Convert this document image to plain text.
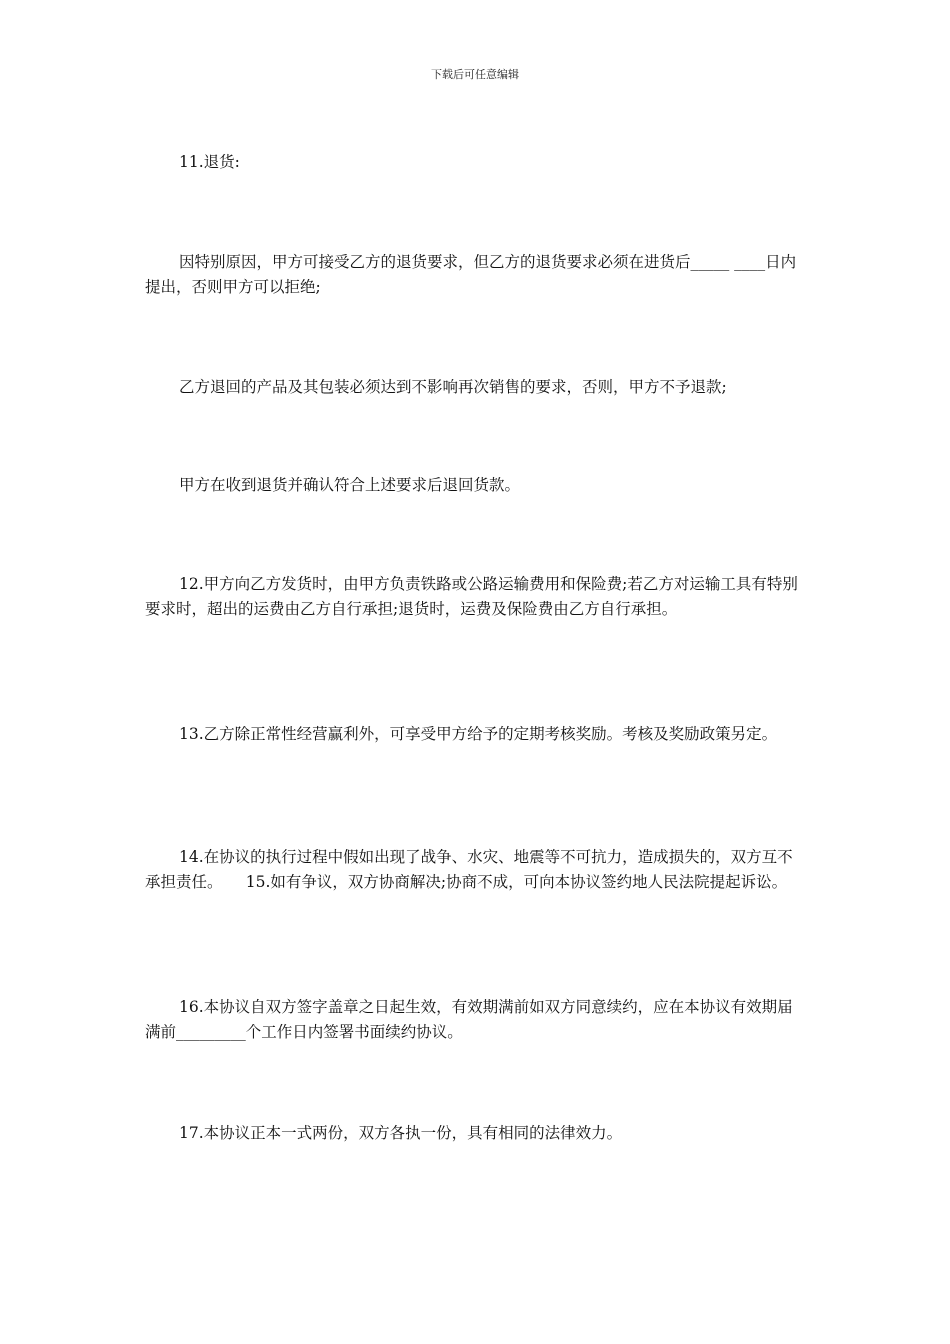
下载后可任意编辑

11.退货:

因特别原因，甲方可接受乙方的退货要求，但乙方的退货要求必须在进货后_____ ____日内提出，否则甲方可以拒绝;

乙方退回的产品及其包装必须达到不影响再次销售的要求，否则，甲方不予退款;

甲方在收到退货并确认符合上述要求后退回货款。

12.甲方向乙方发货时，由甲方负责铁路或公路运输费用和保险费;若乙方对运输工具有特别要求时，超出的运费由乙方自行承担;退货时，运费及保险费由乙方自行承担。

13.乙方除正常性经营赢利外，可享受甲方给予的定期考核奖励。考核及奖励政策另定。

14.在协议的执行过程中假如出现了战争、水灾、地震等不可抗力，造成损失的，双方互不承担责任。　　15.如有争议，双方协商解决;协商不成，可向本协议签约地人民法院提起诉讼。

16.本协议自双方签字盖章之日起生效，有效期满前如双方同意续约，应在本协议有效期届满前_________个工作日内签署书面续约协议。

17.本协议正本一式两份，双方各执一份，具有相同的法律效力。
